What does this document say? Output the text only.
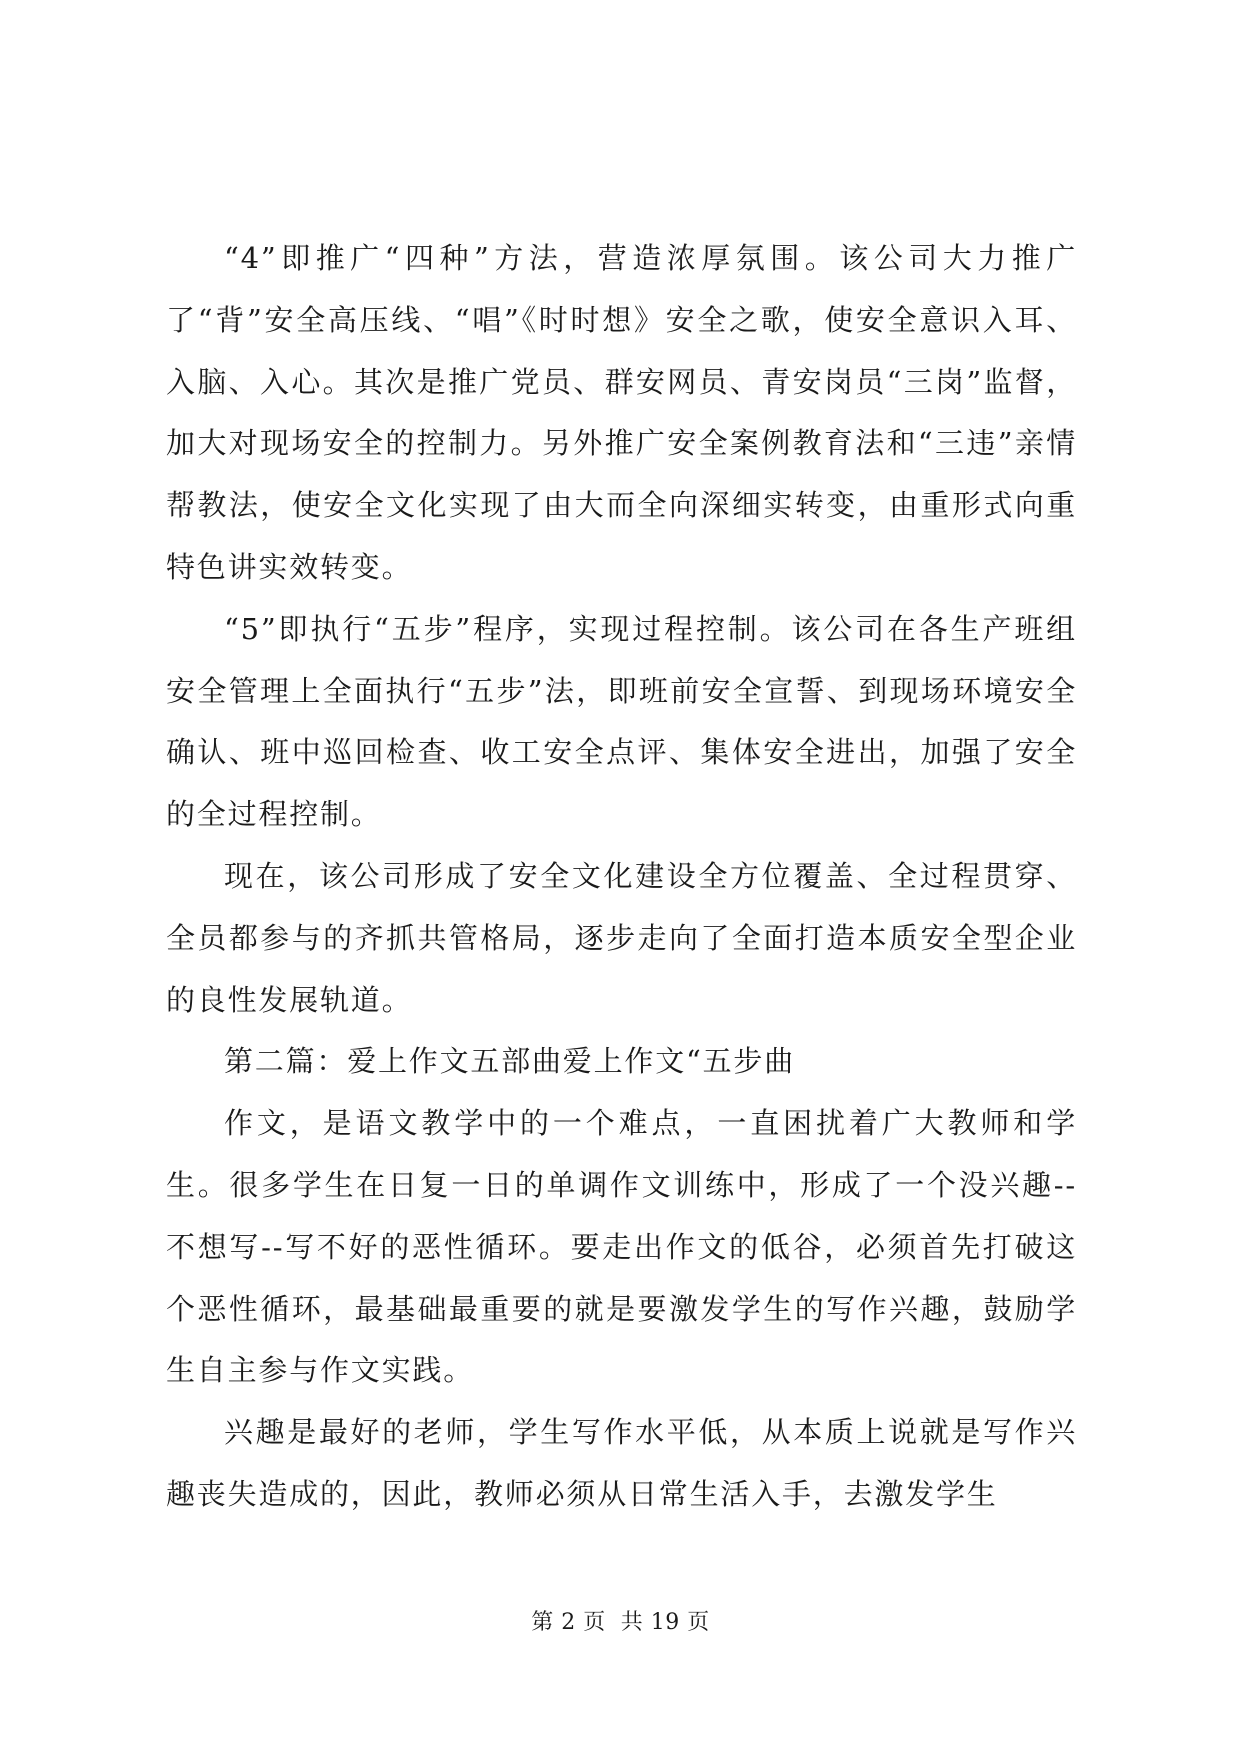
“4”即推广“四种”方法，营造浓厚氛围。该公司大力推广了“背”安全高压线、“唱”《时时想》安全之歌，使安全意识入耳、入脑、入心。其次是推广党员、群安网员、青安岗员“三岗”监督，加大对现场安全的控制力。另外推广安全案例教育法和“三违”亲情帮教法，使安全文化实现了由大而全向深细实转变，由重形式向重特色讲实效转变。

“5”即执行“五步”程序，实现过程控制。该公司在各生产班组安全管理上全面执行“五步”法，即班前安全宣誓、到现场环境安全确认、班中巡回检查、收工安全点评、集体安全进出，加强了安全的全过程控制。

现在，该公司形成了安全文化建设全方位覆盖、全过程贯穿、全员都参与的齐抓共管格局，逐步走向了全面打造本质安全型企业的良性发展轨道。

第二篇：爱上作文五部曲爱上作文“五步曲

作文，是语文教学中的一个难点，一直困扰着广大教师和学生。很多学生在日复一日的单调作文训练中，形成了一个没兴趣--不想写--写不好的恶性循环。要走出作文的低谷，必须首先打破这个恶性循环，最基础最重要的就是要激发学生的写作兴趣，鼓励学生自主参与作文实践。

兴趣是最好的老师，学生写作水平低，从本质上说就是写作兴趣丧失造成的，因此，教师必须从日常生活入手，去激发学生

第 2 页  共 19 页
